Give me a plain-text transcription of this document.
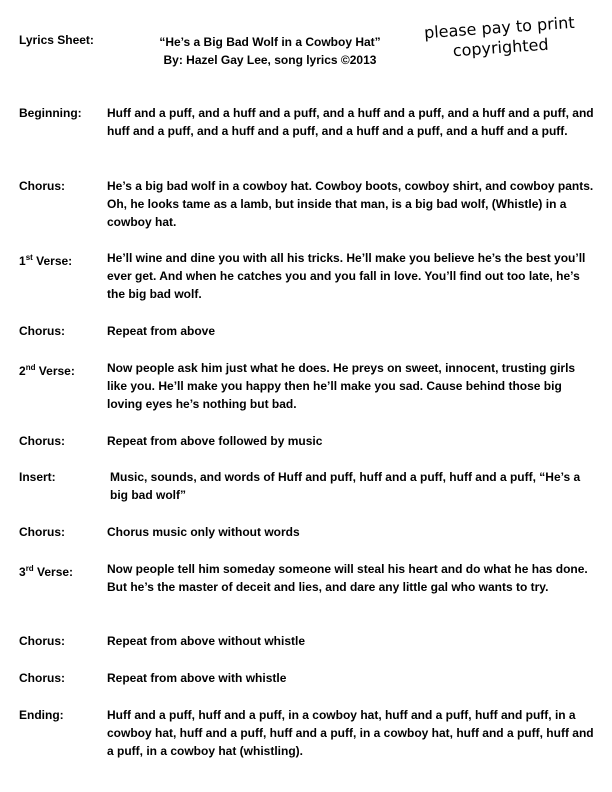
Lyrics Sheet:	“He’s a Big Bad Wolf in a Cowboy Hat”
By: Hazel Gay Lee, song lyrics ©2013
please pay to print
copyrighted
Beginning:	Huff and a puff, and a huff and a puff, and a huff and a puff, and a huff and a puff, and huff and a puff, and a huff and a puff, and a huff and a puff, and a huff and a puff.
Chorus:	He’s a big bad wolf in a cowboy hat. Cowboy boots, cowboy shirt, and cowboy pants. Oh, he looks tame as a lamb, but inside that man, is a big bad wolf, (Whistle) in a cowboy hat.
1st Verse:	He’ll wine and dine you with all his tricks. He’ll make you believe he’s the best you’ll ever get. And when he catches you and you fall in love. You’ll find out too late, he’s the big bad wolf.
Chorus:	Repeat from above
2nd Verse:	Now people ask him just what he does. He preys on sweet, innocent, trusting girls like you. He’ll make you happy then he’ll make you sad. Cause behind those big loving eyes he’s nothing but bad.
Chorus:	Repeat from above followed by music
Insert:	Music, sounds, and words of Huff and puff, huff and a puff, huff and a puff, “He’s a big bad wolf”
Chorus:	Chorus music only without words
3rd Verse:	Now people tell him someday someone will steal his heart and do what he has done. But he’s the master of deceit and lies, and dare any little gal who wants to try.
Chorus:	Repeat from above without whistle
Chorus:	Repeat from above with whistle
Ending:	Huff and a puff, huff and a puff, in a cowboy hat, huff and a puff, huff and puff, in a cowboy hat, huff and a puff, huff and a puff, in a cowboy hat, huff and a puff, huff and a puff, in a cowboy hat (whistling).
